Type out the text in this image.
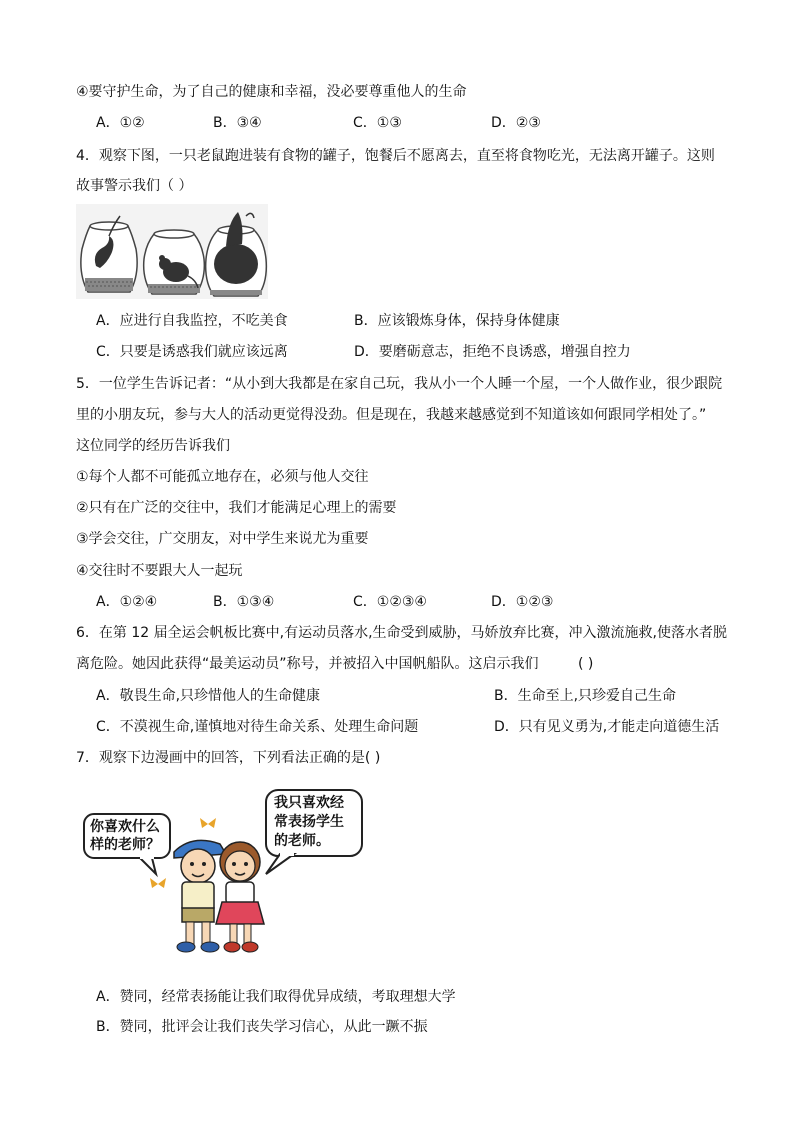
④要守护生命，为了自己的健康和幸福，没必要尊重他人的生命
A．①②	B．③④	C．①③	D．②③
4．观察下图，一只老鼠跑进装有食物的罐子，饱餐后不愿离去，直至将食物吃光，无法离开罐子。这则
故事警示我们（ ）
A．应进行自我监控，不吃美食	B．应该锻炼身体，保持身体健康
C．只要是诱惑我们就应该远离	D．要磨砺意志，拒绝不良诱惑，增强自控力
5．一位学生告诉记者：“从小到大我都是在家自己玩，我从小一个人睡一个屋，一个人做作业，很少跟院
里的小朋友玩，参与大人的活动更觉得没劲。但是现在，我越来越感觉到不知道该如何跟同学相处了。”
这位同学的经历告诉我们
①每个人都不可能孤立地存在，必须与他人交往
②只有在广泛的交往中，我们才能满足心理上的需要
③学会交往，广交朋友，对中学生来说尤为重要
④交往时不要跟大人一起玩
A．①②④	B．①③④	C．①②③④	D．①②③
6．在第 12 届全运会帆板比赛中,有运动员落水,生命受到威胁，马娇放弃比赛，冲入激流施救,使落水者脱
离危险。她因此获得“最美运动员”称号，并被招入中国帆船队。这启示我们	( )
A．敬畏生命,只珍惜他人的生命健康	B．生命至上,只珍爱自己生命
C．不漠视生命,谨慎地对待生命关系、处理生命问题	D．只有见义勇为,才能走向道德生活
7．观察下边漫画中的回答，下列看法正确的是( )
你喜欢什么
样的老师？
我只喜欢经
常表扬学生
的老师。
A．赞同，经常表扬能让我们取得优异成绩，考取理想大学
B．赞同，批评会让我们丧失学习信心，从此一蹶不振
